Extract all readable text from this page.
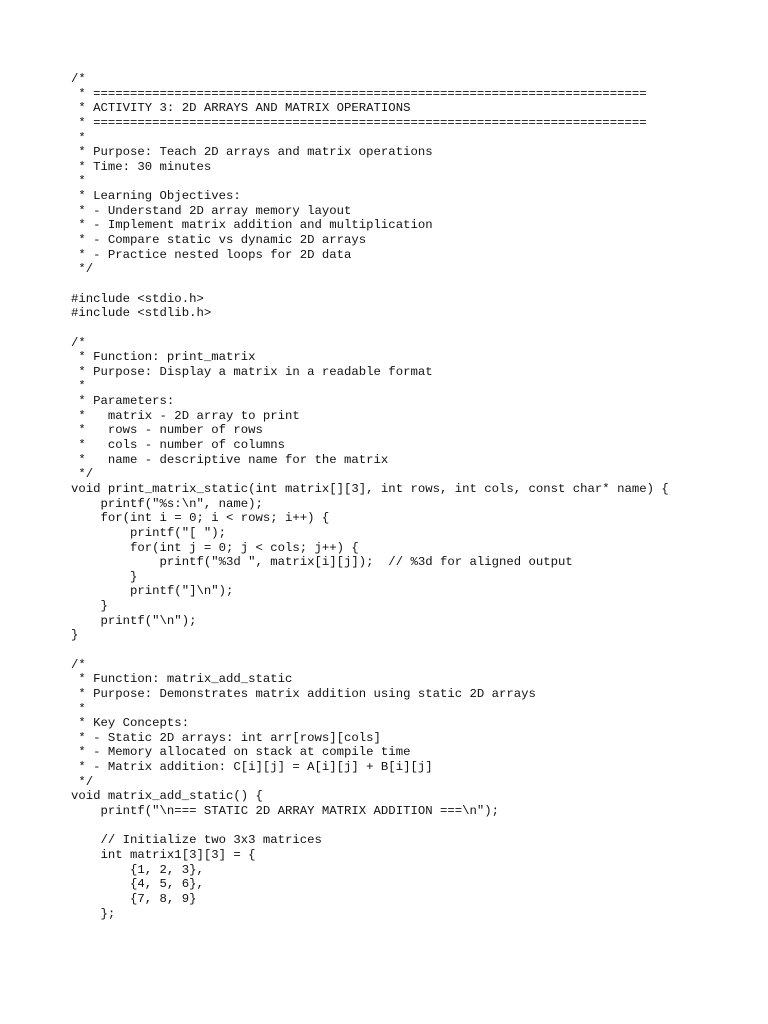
/*
* ===========================================================================
* ACTIVITY 3: 2D ARRAYS AND MATRIX OPERATIONS
* ===========================================================================
*
* Purpose: Teach 2D arrays and matrix operations
* Time: 30 minutes
*
* Learning Objectives:
* - Understand 2D array memory layout
* - Implement matrix addition and multiplication
* - Compare static vs dynamic 2D arrays
* - Practice nested loops for 2D data
*/
#include <stdio.h>
#include <stdlib.h>
/*
* Function: print_matrix
* Purpose: Display a matrix in a readable format
*
* Parameters:
*   matrix - 2D array to print
*   rows - number of rows
*   cols - number of columns
*   name - descriptive name for the matrix
*/
void print_matrix_static(int matrix[][3], int rows, int cols, const char* name) {
printf("%s:\n", name);
for(int i = 0; i < rows; i++) {
printf("[ ");
for(int j = 0; j < cols; j++) {
printf("%3d ", matrix[i][j]);  // %3d for aligned output
}
printf("]\n");
}
printf("\n");
}
/*
* Function: matrix_add_static
* Purpose: Demonstrates matrix addition using static 2D arrays
*
* Key Concepts:
* - Static 2D arrays: int arr[rows][cols]
* - Memory allocated on stack at compile time
* - Matrix addition: C[i][j] = A[i][j] + B[i][j]
*/
void matrix_add_static() {
printf("\n=== STATIC 2D ARRAY MATRIX ADDITION ===\n");
// Initialize two 3x3 matrices
int matrix1[3][3] = {
{1, 2, 3},
{4, 5, 6},
{7, 8, 9}
};
